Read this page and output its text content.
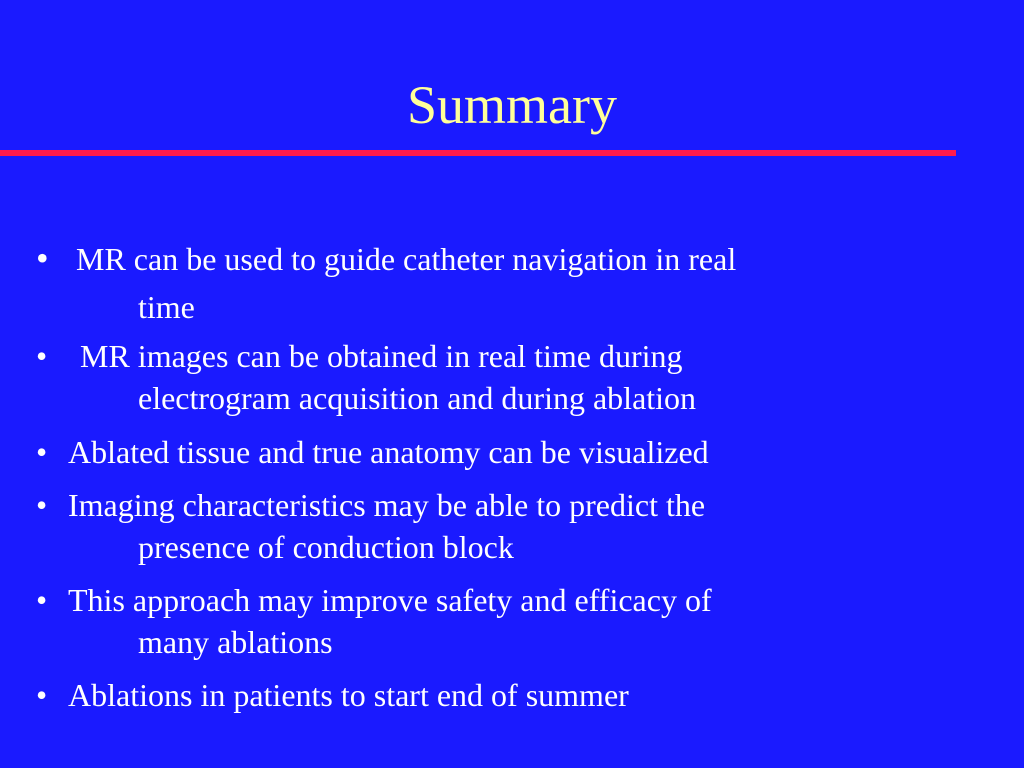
Summary
• MR can be used to guide catheter navigation in real
time
• MR images can be obtained in real time during
electrogram acquisition and during ablation
• Ablated tissue and true anatomy can be visualized
• Imaging characteristics may be able to predict the
presence of conduction block
• This approach may improve safety and efficacy of
many ablations
• Ablations in patients to start end of summer
